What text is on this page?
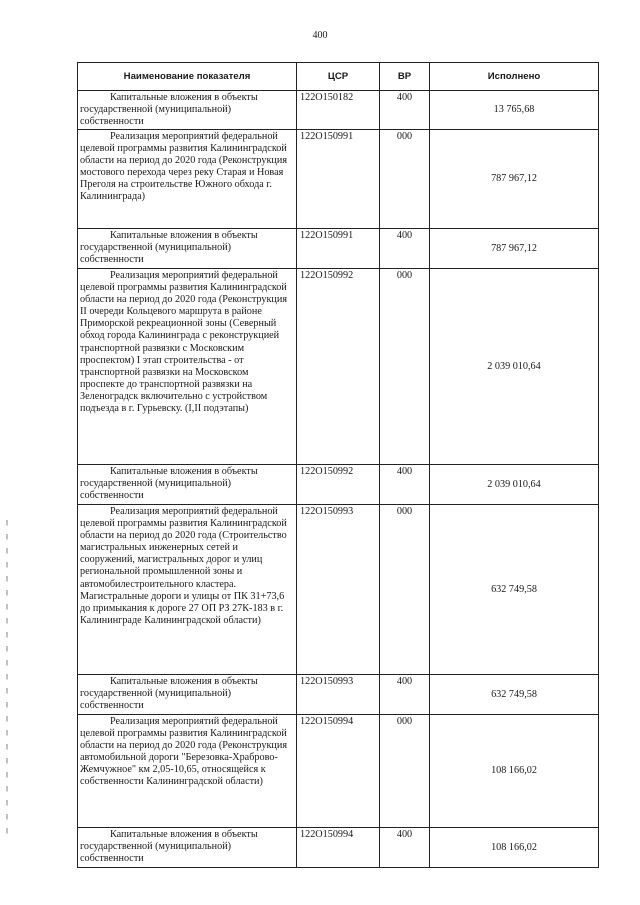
400
Наименование показателя	ЦСР	ВР	Исполнено
Капитальные вложения в объекты государственной (муниципальной) собственности	122O150182	400	13 765,68
Реализация мероприятий федеральной целевой программы развития Калининградской области на период до 2020 года (Реконструкция мостового перехода через реку Старая и Новая Преголя на строительстве Южного обхода г. Калининграда)	122O150991	000	787 967,12
Капитальные вложения в объекты государственной (муниципальной) собственности	122O150991	400	787 967,12
Реализация мероприятий федеральной целевой программы развития Калининградской области на период до 2020 года (Реконструкция II очереди Кольцевого маршрута в районе Приморской рекреационной зоны (Северный обход города Калининграда с реконструкцией транспортной развязки с Московским проспектом) I этап строительства - от транспортной развязки на Московском проспекте до транспортной развязки на Зеленоградск включительно с устройством подъезда в г. Гурьевску. (I,II подэтапы)	122O150992	000	2 039 010,64
Капитальные вложения в объекты государственной (муниципальной) собственности	122O150992	400	2 039 010,64
Реализация мероприятий федеральной целевой программы развития Калининградской области на период до 2020 года (Строительство магистральных инженерных сетей и сооружений, магистральных дорог и улиц региональной промышленной зоны и автомобилестроительного кластера. Магистральные дороги и улицы от ПК 31+73,6 до примыкания к дороге 27 ОП РЗ 27К-183 в г. Калининграде Калининградской области)	122O150993	000	632 749,58
Капитальные вложения в объекты государственной (муниципальной) собственности	122O150993	400	632 749,58
Реализация мероприятий федеральной целевой программы развития Калининградской области на период до 2020 года (Реконструкция автомобильной дороги "Березовка-Храброво-Жемчужное" км 2,05-10,65, относящейся к собственности Калининградской области)	122O150994	000	108 166,02
Капитальные вложения в объекты государственной (муниципальной) собственности	122O150994	400	108 166,02
